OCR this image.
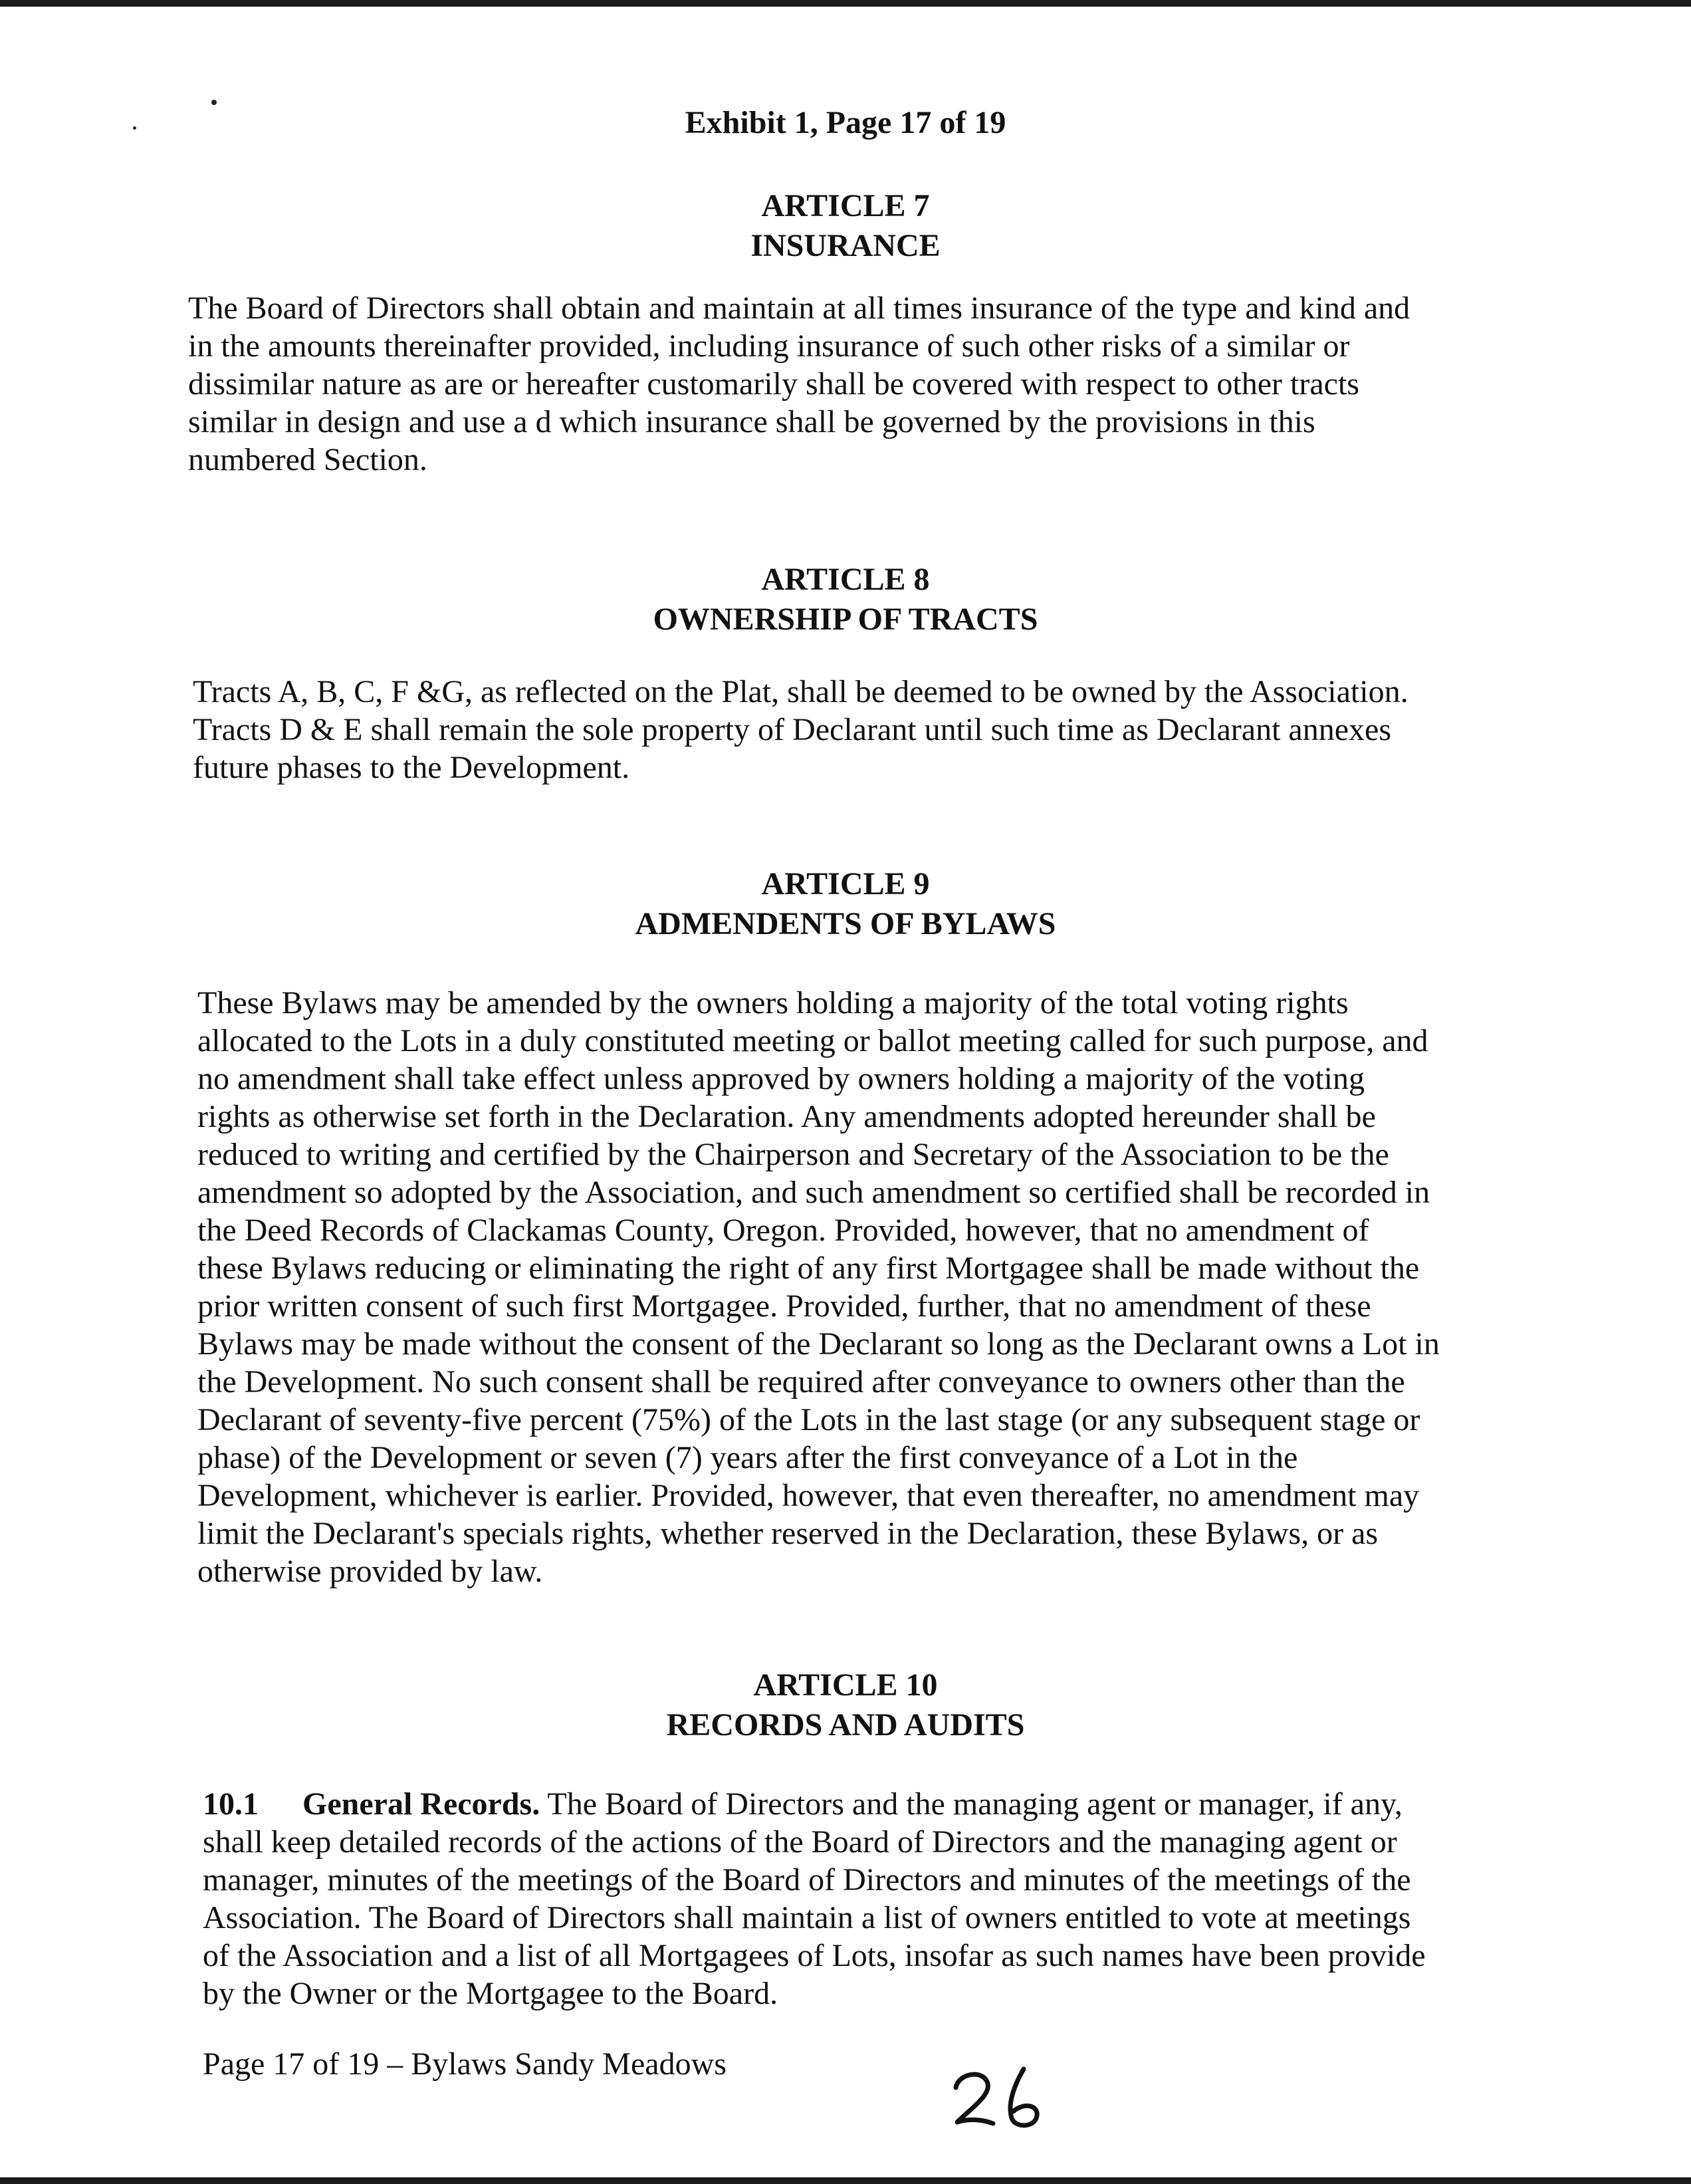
Exhibit 1, Page 17 of 19
ARTICLE 7
INSURANCE
The Board of Directors shall obtain and maintain at all times insurance of the type and kind and
in the amounts thereinafter provided, including insurance of such other risks of a similar or
dissimilar nature as are or hereafter customarily shall be covered with respect to other tracts
similar in design and use a d which insurance shall be governed by the provisions in this
numbered Section.
ARTICLE 8
OWNERSHIP OF TRACTS
Tracts A, B, C, F &G, as reflected on the Plat, shall be deemed to be owned by the Association.
Tracts D & E shall remain the sole property of Declarant until such time as Declarant annexes
future phases to the Development.
ARTICLE 9
ADMENDENTS OF BYLAWS
These Bylaws may be amended by the owners holding a majority of the total voting rights
allocated to the Lots in a duly constituted meeting or ballot meeting called for such purpose, and
no amendment shall take effect unless approved by owners holding a majority of the voting
rights as otherwise set forth in the Declaration. Any amendments adopted hereunder shall be
reduced to writing and certified by the Chairperson and Secretary of the Association to be the
amendment so adopted by the Association, and such amendment so certified shall be recorded in
the Deed Records of Clackamas County, Oregon. Provided, however, that no amendment of
these Bylaws reducing or eliminating the right of any first Mortgagee shall be made without the
prior written consent of such first Mortgagee. Provided, further, that no amendment of these
Bylaws may be made without the consent of the Declarant so long as the Declarant owns a Lot in
the Development. No such consent shall be required after conveyance to owners other than the
Declarant of seventy-five percent (75%) of the Lots in the last stage (or any subsequent stage or
phase) of the Development or seven (7) years after the first conveyance of a Lot in the
Development, whichever is earlier. Provided, however, that even thereafter, no amendment may
limit the Declarant's specials rights, whether reserved in the Declaration, these Bylaws, or as
otherwise provided by law.
ARTICLE 10
RECORDS AND AUDITS
10.1 General Records. The Board of Directors and the managing agent or manager, if any,
shall keep detailed records of the actions of the Board of Directors and the managing agent or
manager, minutes of the meetings of the Board of Directors and minutes of the meetings of the
Association. The Board of Directors shall maintain a list of owners entitled to vote at meetings
of the Association and a list of all Mortgagees of Lots, insofar as such names have been provide
by the Owner or the Mortgagee to the Board.
Page 17 of 19 – Bylaws Sandy Meadows
